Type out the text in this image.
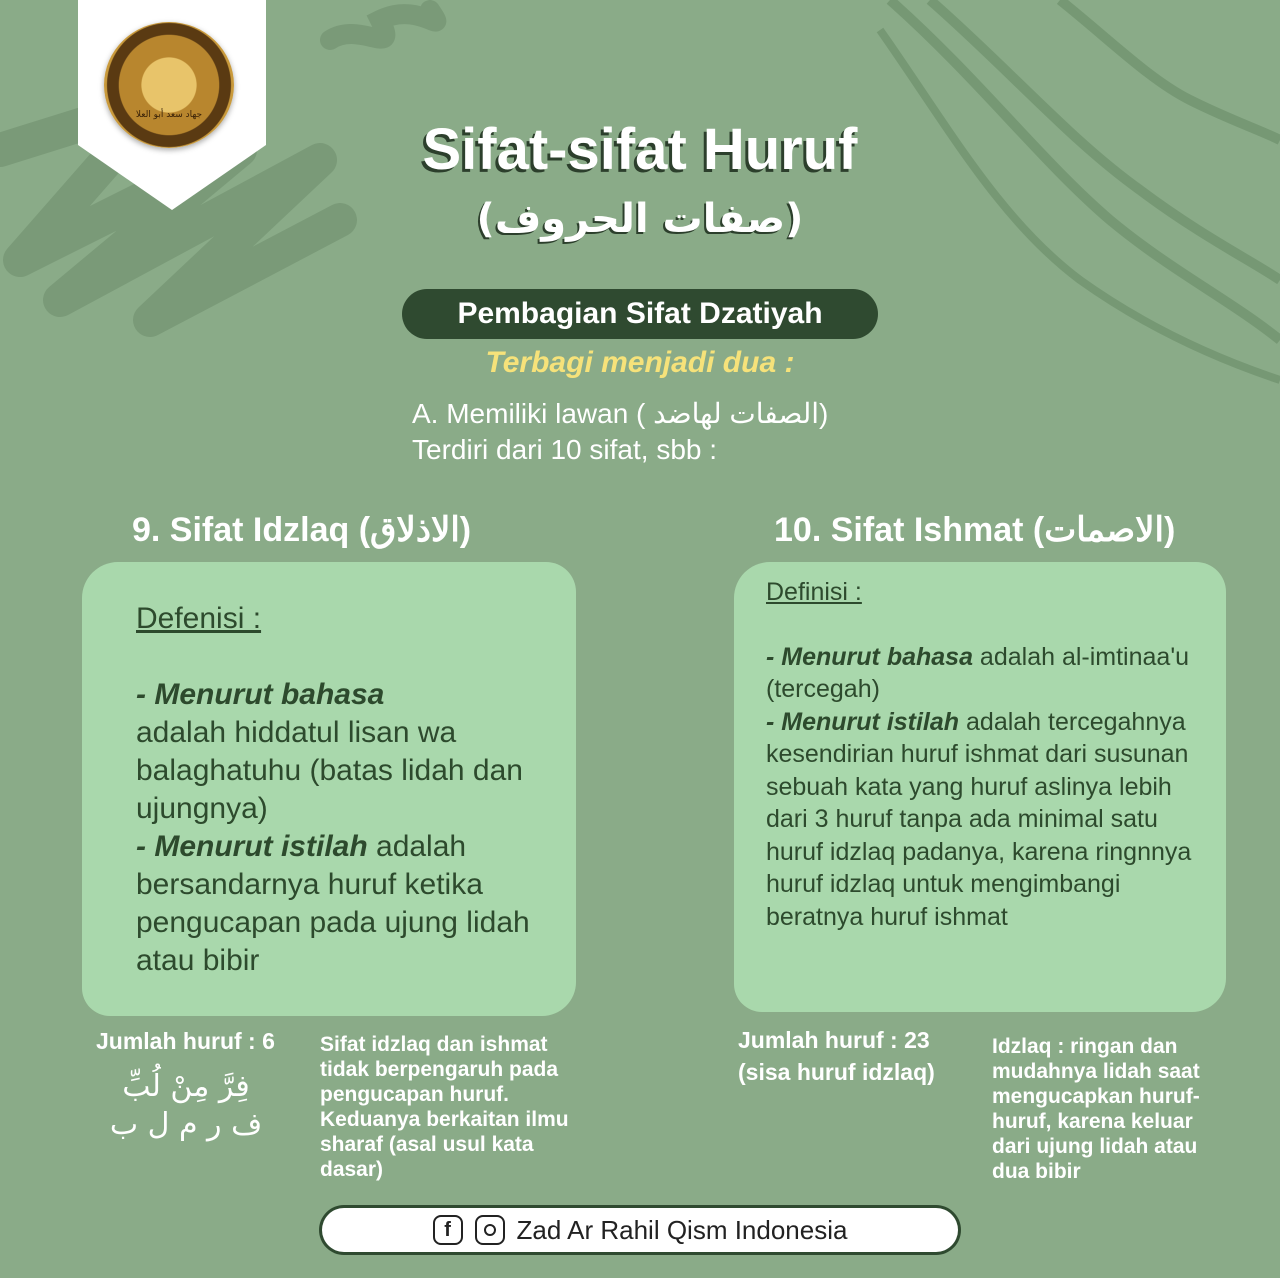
جهاد سعد أبو العلا
Sifat-sifat Huruf
(صفات الحروف)
Pembagian Sifat Dzatiyah
Terbagi menjadi dua :
A. Memiliki lawan ( الصفات لهاضد)
Terdiri dari 10 sifat, sbb :
9. Sifat Idzlaq (الاذلاق)
Defenisi :
- Menurut bahasa
adalah hiddatul lisan wa balaghatuhu (batas lidah dan ujungnya)
- Menurut istilah adalah bersandarnya huruf ketika pengucapan pada ujung lidah atau bibir
Jumlah huruf : 6
فِرَّ مِنْ لُبِّ
ف ر م ل ب
Sifat idzlaq dan ishmat tidak berpengaruh pada pengucapan huruf. Keduanya berkaitan ilmu sharaf (asal usul kata dasar)
10. Sifat Ishmat (الاصمات)
Definisi :
- Menurut bahasa adalah al-imtinaa'u (tercegah)
- Menurut istilah adalah tercegahnya kesendirian huruf ishmat dari susunan sebuah kata yang huruf aslinya lebih dari 3 huruf tanpa ada minimal satu huruf idzlaq padanya, karena ringnnya huruf idzlaq untuk mengimbangi beratnya huruf ishmat
Jumlah huruf : 23
(sisa huruf idzlaq)
Idzlaq : ringan dan mudahnya lidah saat mengucapkan huruf-huruf, karena keluar dari ujung lidah atau dua bibir
f	Zad Ar Rahil Qism Indonesia
